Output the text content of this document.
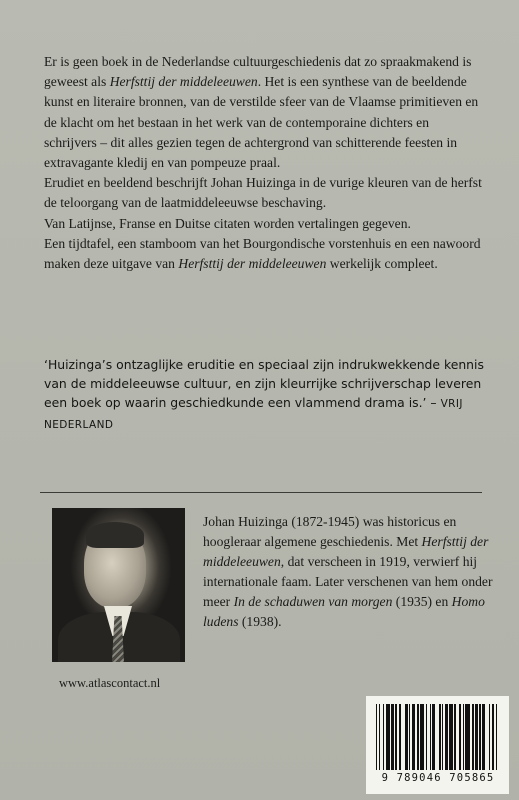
Er is geen boek in de Nederlandse cultuurgeschiedenis dat zo spraakmakend is geweest als Herfsttij der middeleeuwen. Het is een synthese van de beeldende kunst en literaire bronnen, van de verstilde sfeer van de Vlaamse primitieven en de klacht om het bestaan in het werk van de contemporaine dichters en schrijvers – dit alles gezien tegen de achtergrond van schitterende feesten in extravagante kledij en van pompeuze praal.

Erudiet en beeldend beschrijft Johan Huizinga in de vurige kleuren van de herfst de teloorgang van de laatmiddeleeuwse beschaving.

Van Latijnse, Franse en Duitse citaten worden vertalingen gegeven.

Een tijdtafel, een stamboom van het Bourgondische vorstenhuis en een nawoord maken deze uitgave van Herfsttij der middeleeuwen werkelijk compleet.

‘Huizinga’s ontzaglijke eruditie en speciaal zijn indrukwekkende kennis van de middeleeuwse cultuur, en zijn kleurrijke schrijverschap leveren een boek op waarin geschiedkunde een vlammend drama is.’ – VRIJ NEDERLAND
Johan Huizinga (1872-1945) was historicus en hoogleraar algemene geschiedenis. Met Herfsttij der middeleeuwen, dat verscheen in 1919, verwierf hij internationale faam. Later verschenen van hem onder meer In de schaduwen van morgen (1935) en Homo ludens (1938).
www.atlascontact.nl
9 789046 705865
